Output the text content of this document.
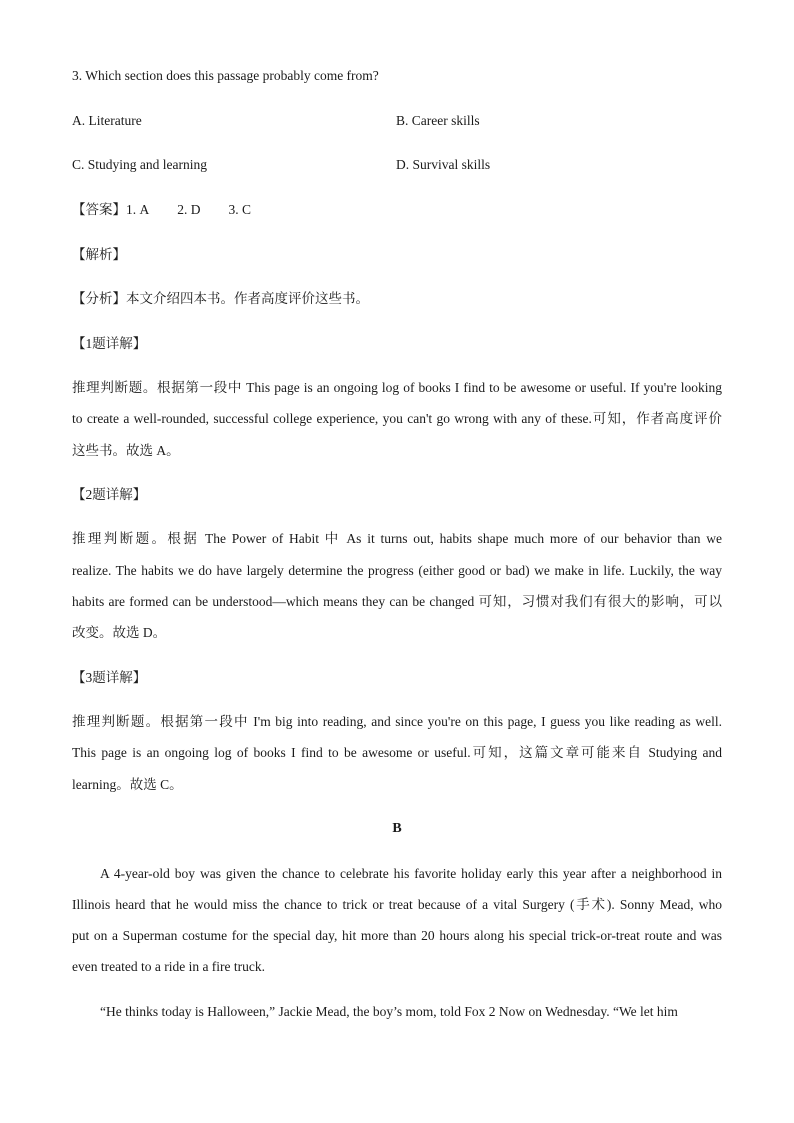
3. Which section does this passage probably come from?
A. Literature	B. Career skills
C. Studying and learning	D. Survival skills
【答案】1. A 2. D 3. C
【解析】
【分析】本文介绍四本书。作者高度评价这些书。
【1题详解】
推理判断题。根据第一段中 This page is an ongoing log of books I find to be awesome or useful. If you're looking
to create a well-rounded, successful college experience, you can't go wrong with any of these.可知，作者高度评价
这些书。故选 A。
【2题详解】
推理判断题。根据 The Power of Habit 中 As it turns out, habits shape much more of our behavior than we
realize. The habits we do have largely determine the progress (either good or bad) we make in life. Luckily, the way
habits are formed can be understood—which means they can be changed 可知，习惯对我们有很大的影响，可以
改变。故选 D。
【3题详解】
推理判断题。根据第一段中 I'm big into reading, and since you're on this page, I guess you like reading as well.
This page is an ongoing log of books I find to be awesome or useful.可知，这篇文章可能来自 Studying and
learning。故选 C。
B
A 4-year-old boy was given the chance to celebrate his favorite holiday early this year after a neighborhood in
Illinois heard that he would miss the chance to trick or treat because of a vital Surgery (手术). Sonny Mead, who
put on a Superman costume for the special day, hit more than 20 hours along his special trick-or-treat route and was
even treated to a ride in a fire truck.
“He thinks today is Halloween,” Jackie Mead, the boy’s mom, told Fox 2 Now on Wednesday. “We let him
